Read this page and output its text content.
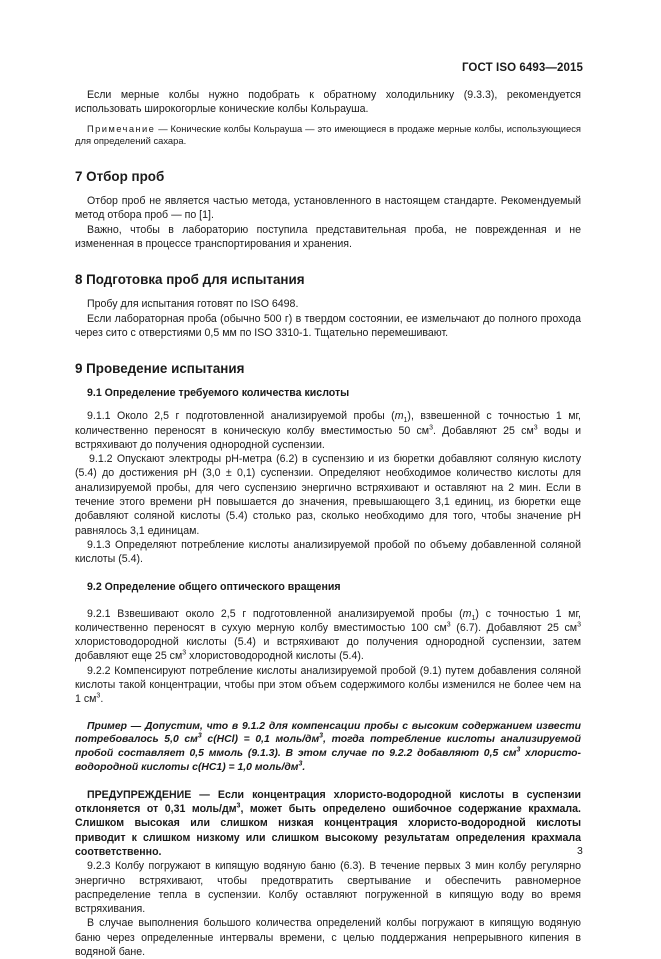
ГОСТ ISO 6493—2015

Если мерные колбы нужно подобрать к обратному холодильнику (9.3.3), рекомендуется использовать широкогорлые конические колбы Кольрауша.

Примечание — Конические колбы Кольрауша — это имеющиеся в продаже мерные колбы, использующиеся для определений сахара.

7 Отбор проб

Отбор проб не является частью метода, установленного в настоящем стандарте. Рекомендуемый метод отбора проб — по [1].

Важно, чтобы в лабораторию поступила представительная проба, не поврежденная и не измененная в процессе транспортирования и хранения.

8 Подготовка проб для испытания

Пробу для испытания готовят по ISO 6498.

Если лабораторная проба (обычно 500 г) в твердом состоянии, ее измельчают до полного прохода через сито с отверстиями 0,5 мм по ISO 3310-1. Тщательно перемешивают.

9 Проведение испытания
9.1 Определение требуемого количества кислоты

9.1.1 Около 2,5 г подготовленной анализируемой пробы $(m_1)$, взвешенной с точностью 1 мг, количественно переносят в коническую колбу вместимостью 50 $см^3$. Добавляют 25 $см^3$ воды и встряхивают до получения однородной суспензии.

9.1.2 Опускают электроды pH-метра (6.2) в суспензию и из бюретки добавляют соляную кислоту (5.4) до достижения pH (3,0 ± 0,1) суспензии. Определяют необходимое количество кислоты для анализируемой пробы, для чего суспензию энергично встряхивают и оставляют на 2 мин. Если в течение этого времени pH повышается до значения, превышающего 3,1 единиц, из бюретки еще добавляют соляной кислоты (5.4) столько раз, сколько необходимо для того, чтобы значение pH равнялось 3,1 единицам.

9.1.3 Определяют потребление кислоты анализируемой пробой по объему добавленной соляной кислоты (5.4).

9.2 Определение общего оптического вращения

9.2.1 Взвешивают около 2,5 г подготовленной анализируемой пробы $(m_1)$ с точностью 1 мг, количественно переносят в сухую мерную колбу вместимостью 100 $см^3$ (6.7). Добавляют 25 $см^3$ хлористоводородной кислоты (5.4) и встряхивают до получения однородной суспензии, затем добавляют еще 25 $см^3$ хлористоводородной кислоты (5.4).

9.2.2 Компенсируют потребление кислоты анализируемой пробой (9.1) путем добавления соляной кислоты такой концентрации, чтобы при этом объем содержимого колбы изменился не более чем на 1 $см^3$.

Пример — Допустим, что в 9.1.2 для компенсации пробы с высоким содержанием извести потребовалось 5,0 $см^3$ c(HCl) = 0,1 моль/$дм^3$, тогда потребление кислоты анализируемой пробой составляет 0,5 ммоль (9.1.3). В этом случае по 9.2.2 добавляют 0,5 $см^3$ хлористо-водородной кислоты c(HC1) = 1,0 моль/$дм^3$.

ПРЕДУПРЕЖДЕНИЕ — Если концентрация хлористо-водородной кислоты в суспензии отклоняется от 0,31 моль/$дм^3$, может быть определено ошибочное содержание крахмала. Слишком высокая или слишком низкая концентрация хлористо-водородной кислоты приводит к слишком низкому или слишком высокому результатам определения крахмала соответственно.

9.2.3 Колбу погружают в кипящую водяную баню (6.3). В течение первых 3 мин колбу регулярно энергично встряхивают, чтобы предотвратить свертывание и обеспечить равномерное распределение тепла в суспензии. Колбу оставляют погруженной в кипящую воду во время встряхивания.

В случае выполнения большого количества определений колбы погружают в кипящую водяную баню через определенные интервалы времени, с целью поддержания непрерывного кипения в водяной бане.

3
